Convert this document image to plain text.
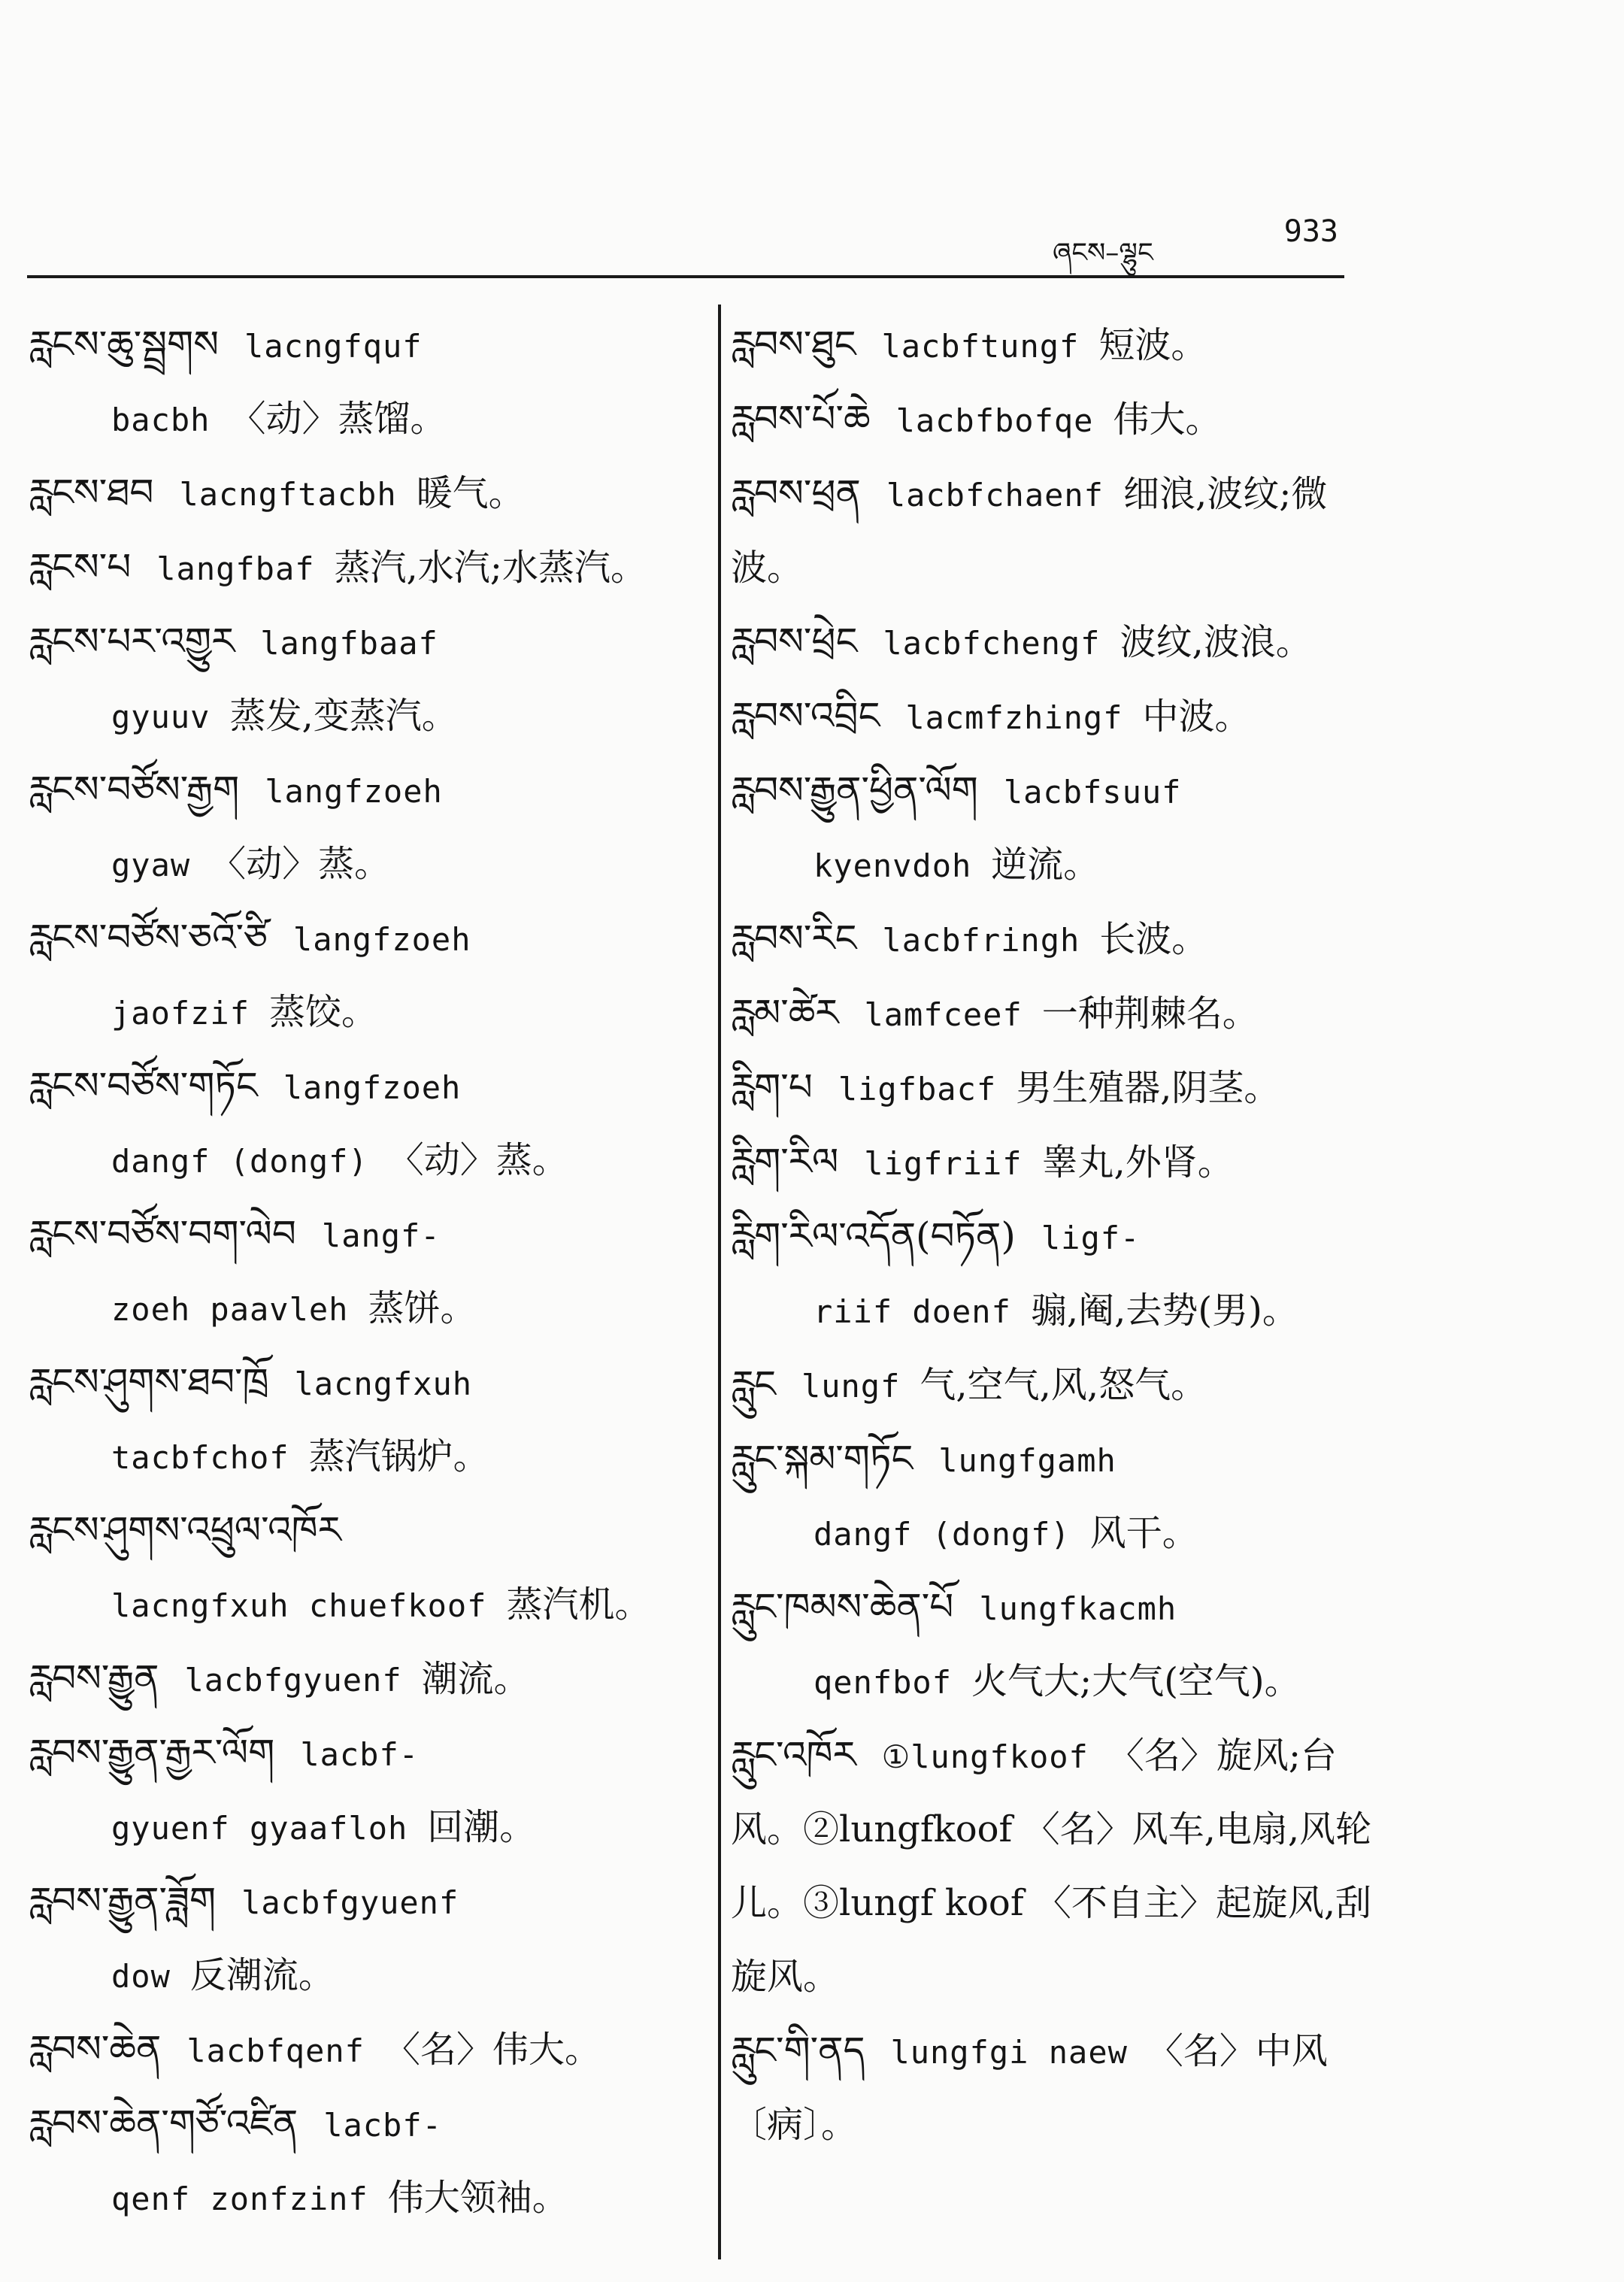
ཞངས–ལྷུང
933
རླངས་ཆུ་སྦྲགས lacngfquf
bacbh 〈动〉蒸馏。
རླངས་ཐབ lacngftacbh 暖气。
རླངས་པ langfbaf 蒸汽,水汽;水蒸汽。
རླངས་པར་འགྱུར langfbaaf
gyuuv 蒸发,变蒸汽。
རླངས་བཙོས་རྒྱག langfzoeh
gyaw 〈动〉蒸。
རླངས་བཙོས་ཅའོ་ཙི langfzoeh
jaofzif 蒸饺。
རླངས་བཙོས་གཏོང langfzoeh
dangf (dongf) 〈动〉蒸。
རླངས་བཙོས་བག་ལེབ langf-
zoeh paavleh 蒸饼。
རླངས་ཤུགས་ཐབ་ཁྲོ lacngfxuh
tacbfchof 蒸汽锅炉。
རླངས་ཤུགས་འཕྲུལ་འཁོར
lacngfxuh chuefkoof 蒸汽机。
རླབས་རྒྱུན lacbfgyuenf 潮流。
རླབས་རྒྱུན་རྒྱར་ལོག lacbf-
gyuenf gyaafloh 回潮。
རླབས་རྒྱུན་ཟློག lacbfgyuenf
dow 反潮流。
རླབས་ཆེན lacbfqenf 〈名〉伟大。
རླབས་ཆེན་གཙོ་འཛིན lacbf-
qenf zonfzinf 伟大领袖。
རླབས་ཐུང lacbftungf 短波。
རླབས་པོ་ཆེ lacbfbofqe 伟大。
རླབས་ཕྲན lacbfchaenf 细浪,波纹;微波。
རླབས་ཕྲེང lacbfchengf 波纹,波浪。
རླབས་འབྲིང lacmfzhingf 中波。
རླབས་རྒྱུན་ཕྱིན་ལོག lacbfsuuf
kyenvdoh 逆流。
རླབས་རིང lacbfringh 长波。
རླམ་ཚེར lamfceef 一种荆棘名。
རླིག་པ ligfbacf 男生殖器,阴茎。
རླིག་རིལ ligfriif 睾丸,外肾。
རླིག་རིལ་འདོན(བཏོན) ligf-
riif doenf 骟,阉,去势(男)。
རླུང lungf 气,空气,风,怒气。
རླུང་སྐམ་གཏོང lungfgamh
dangf (dongf) 风干。
རླུང་ཁམས་ཆེན་པོ lungfkacmh
qenfbof 火气大;大气(空气)。
རླུང་འཁོར ①lungfkoof 〈名〉旋风;台风。②lungfkoof 〈名〉风车,电扇,风轮儿。③lungf koof 〈不自主〉起旋风,刮旋风。
རླུང་གི་ནད lungfgi naew 〈名〉中风〔病〕。
